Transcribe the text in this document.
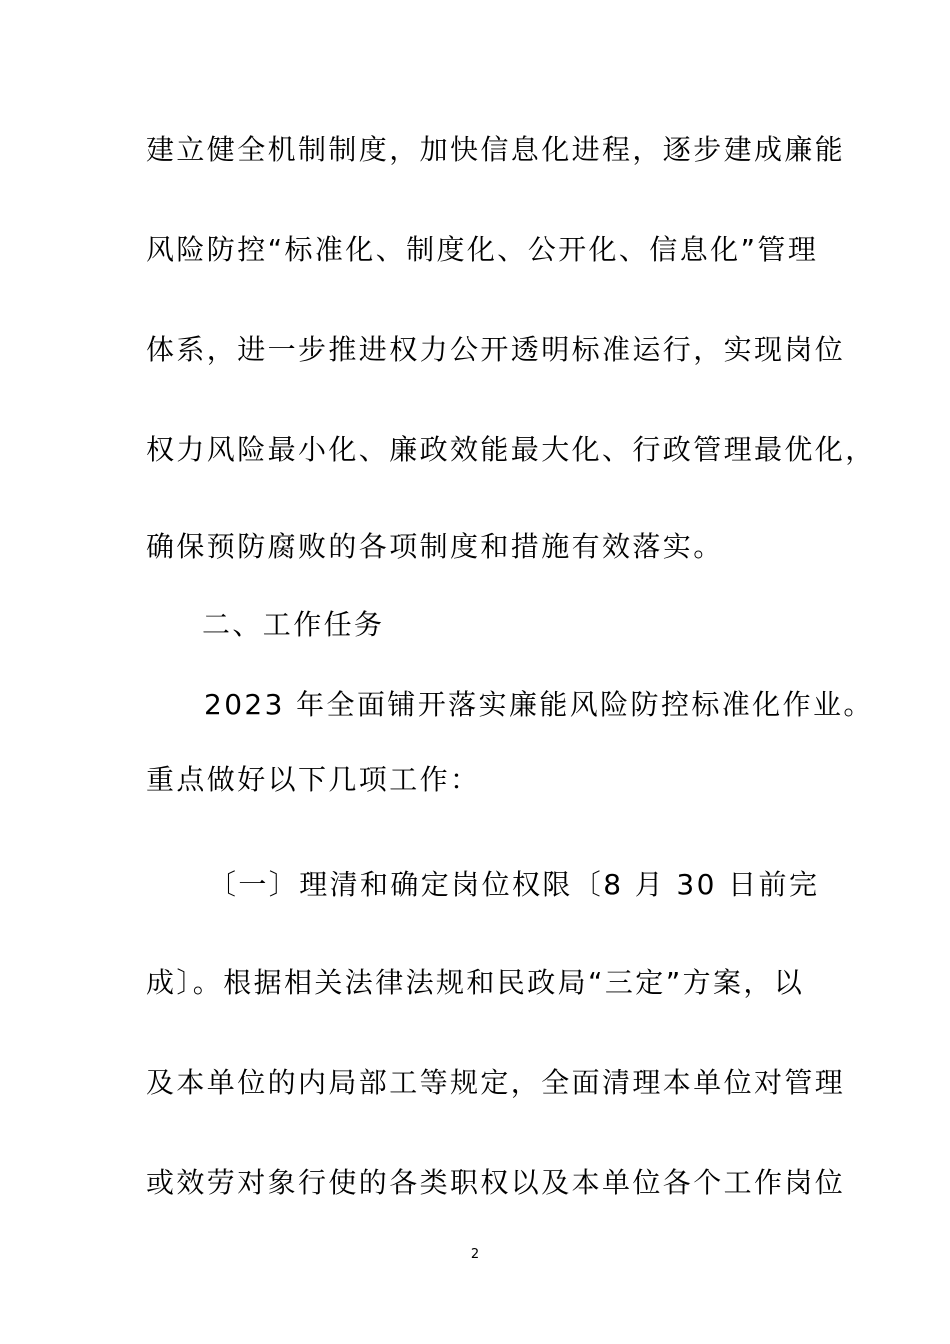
建立健全机制制度，加快信息化进程，逐步建成廉能
风险防控“标准化、制度化、公开化、信息化”管理
体系，进一步推进权力公开透明标准运行，实现岗位
权力风险最小化、廉政效能最大化、行政管理最优化，
确保预防腐败的各项制度和措施有效落实。
二、工作任务
2023 年全面铺开落实廉能风险防控标准化作业。
重点做好以下几项工作：
〔一〕理清和确定岗位权限〔8 月 30 日前完
成〕。根据相关法律法规和民政局“三定”方案，以
及本单位的内局部工等规定，全面清理本单位对管理
或效劳对象行使的各类职权以及本单位各个工作岗位
2
